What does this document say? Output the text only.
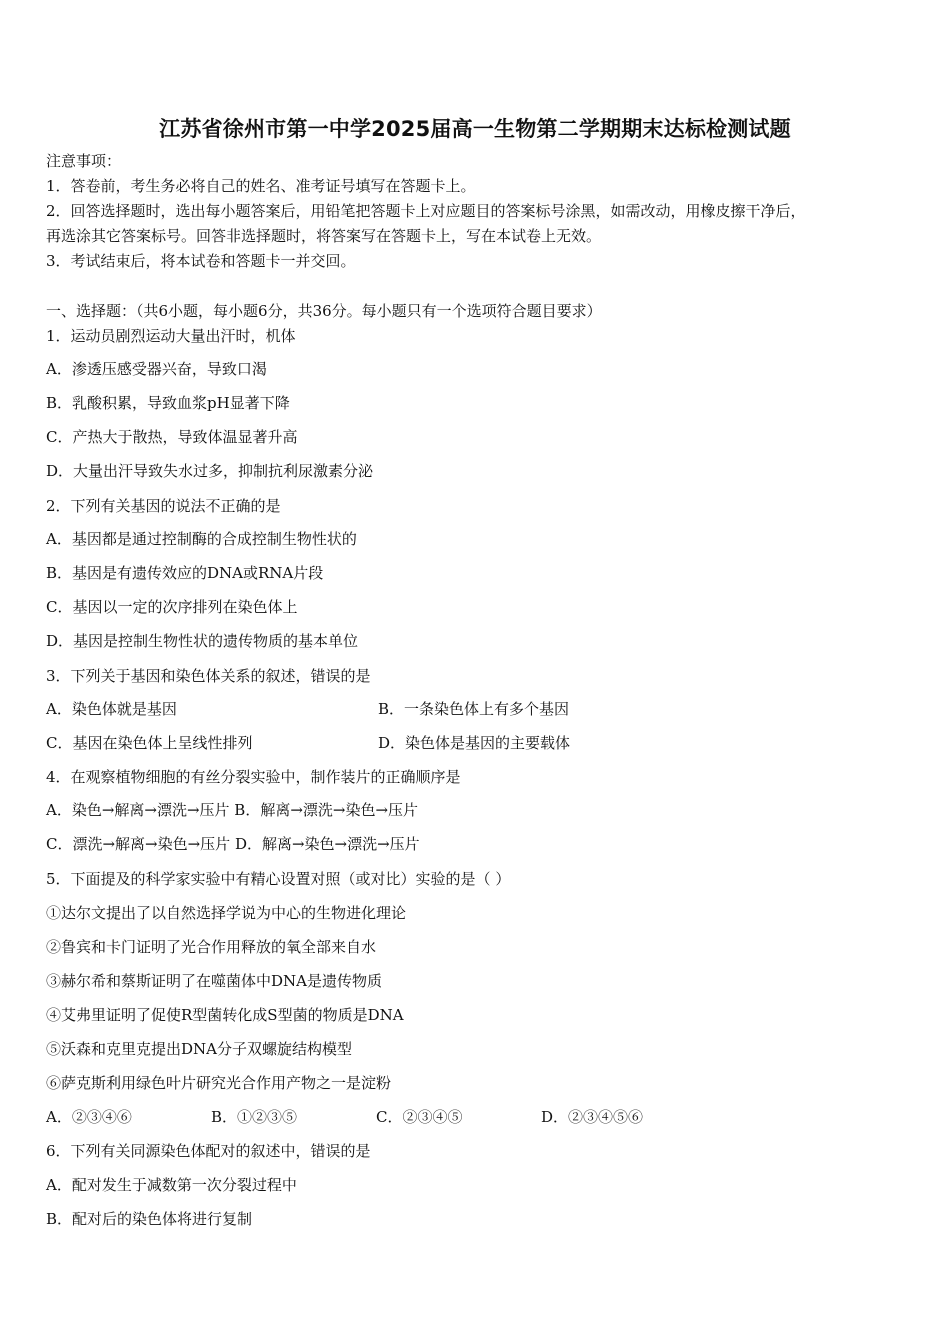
江苏省徐州市第一中学2025届高一生物第二学期期末达标检测试题
注意事项：
1．答卷前，考生务必将自己的姓名、准考证号填写在答题卡上。
2．回答选择题时，选出每小题答案后，用铅笔把答题卡上对应题目的答案标号涂黑，如需改动，用橡皮擦干净后，
再选涂其它答案标号。回答非选择题时，将答案写在答题卡上，写在本试卷上无效。
3．考试结束后，将本试卷和答题卡一并交回。
一、选择题：（共6小题，每小题6分，共36分。每小题只有一个选项符合题目要求）
1．运动员剧烈运动大量出汗时，机体
A．渗透压感受器兴奋，导致口渴
B．乳酸积累，导致血浆pH显著下降
C．产热大于散热，导致体温显著升高
D．大量出汗导致失水过多，抑制抗利尿激素分泌
2．下列有关基因的说法不正确的是
A．基因都是通过控制酶的合成控制生物性状的
B．基因是有遗传效应的DNA或RNA片段
C．基因以一定的次序排列在染色体上
D．基因是控制生物性状的遗传物质的基本单位
3．下列关于基因和染色体关系的叙述，错误的是
A．染色体就是基因	B．一条染色体上有多个基因
C．基因在染色体上呈线性排列	D．染色体是基因的主要载体
4．在观察植物细胞的有丝分裂实验中，制作装片的正确顺序是
A．染色→解离→漂洗→压片 B．解离→漂洗→染色→压片
C．漂洗→解离→染色→压片 D．解离→染色→漂洗→压片
5．下面提及的科学家实验中有精心设置对照（或对比）实验的是（ ）
①达尔文提出了以自然选择学说为中心的生物进化理论
②鲁宾和卡门证明了光合作用释放的氧全部来自水
③赫尔希和蔡斯证明了在噬菌体中DNA是遗传物质
④艾弗里证明了促使R型菌转化成S型菌的物质是DNA
⑤沃森和克里克提出DNA分子双螺旋结构模型
⑥萨克斯利用绿色叶片研究光合作用产物之一是淀粉
A．②③④⑥	B．①②③⑤	C．②③④⑤	D．②③④⑤⑥
6．下列有关同源染色体配对的叙述中，错误的是
A．配对发生于减数第一次分裂过程中
B．配对后的染色体将进行复制
